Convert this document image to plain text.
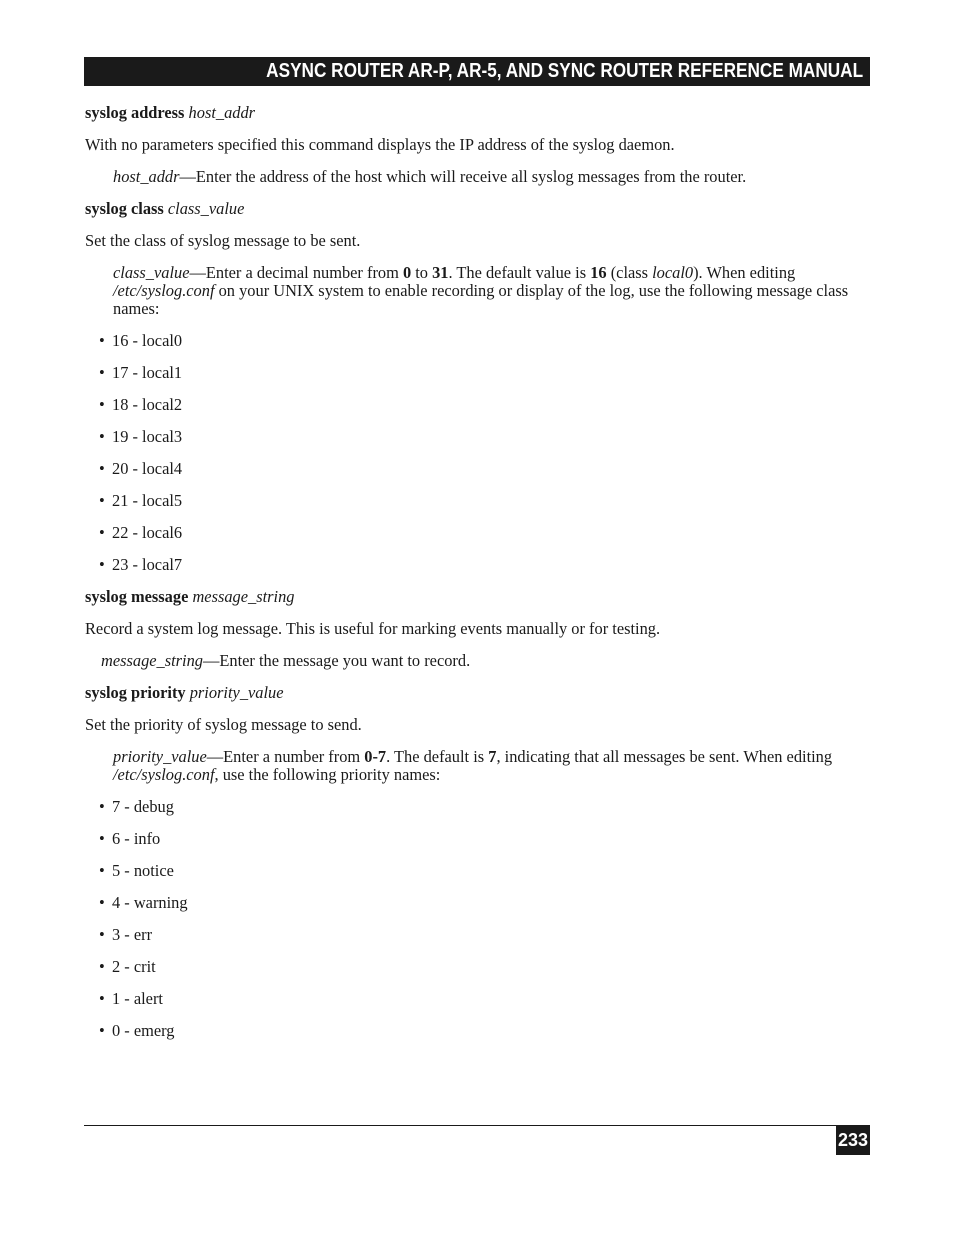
ASYNC ROUTER AR-P, AR-5, AND SYNC ROUTER REFERENCE MANUAL

syslog address host_addr

With no parameters specified this command displays the IP address of the syslog daemon.

host_addr—Enter the address of the host which will receive all syslog messages from the router.

syslog class class_value

Set the class of syslog message to be sent.

class_value—Enter a decimal number from 0 to 31. The default value is 16 (class local0). When editing /etc/syslog.conf on your UNIX system to enable recording or display of the log, use the following message class names:

• 16 - local0

• 17 - local1

• 18 - local2

• 19 - local3

• 20 - local4

• 21 - local5

• 22 - local6

• 23 - local7

syslog message message_string

Record a system log message. This is useful for marking events manually or for testing.

message_string—Enter the message you want to record.

syslog priority priority_value

Set the priority of syslog message to send.

priority_value—Enter a number from 0-7. The default is 7, indicating that all messages be sent. When editing /etc/syslog.conf, use the following priority names:

• 7 - debug

• 6 - info

• 5 - notice

• 4 - warning

• 3 - err

• 2 - crit

• 1 - alert

• 0 - emerg

233
